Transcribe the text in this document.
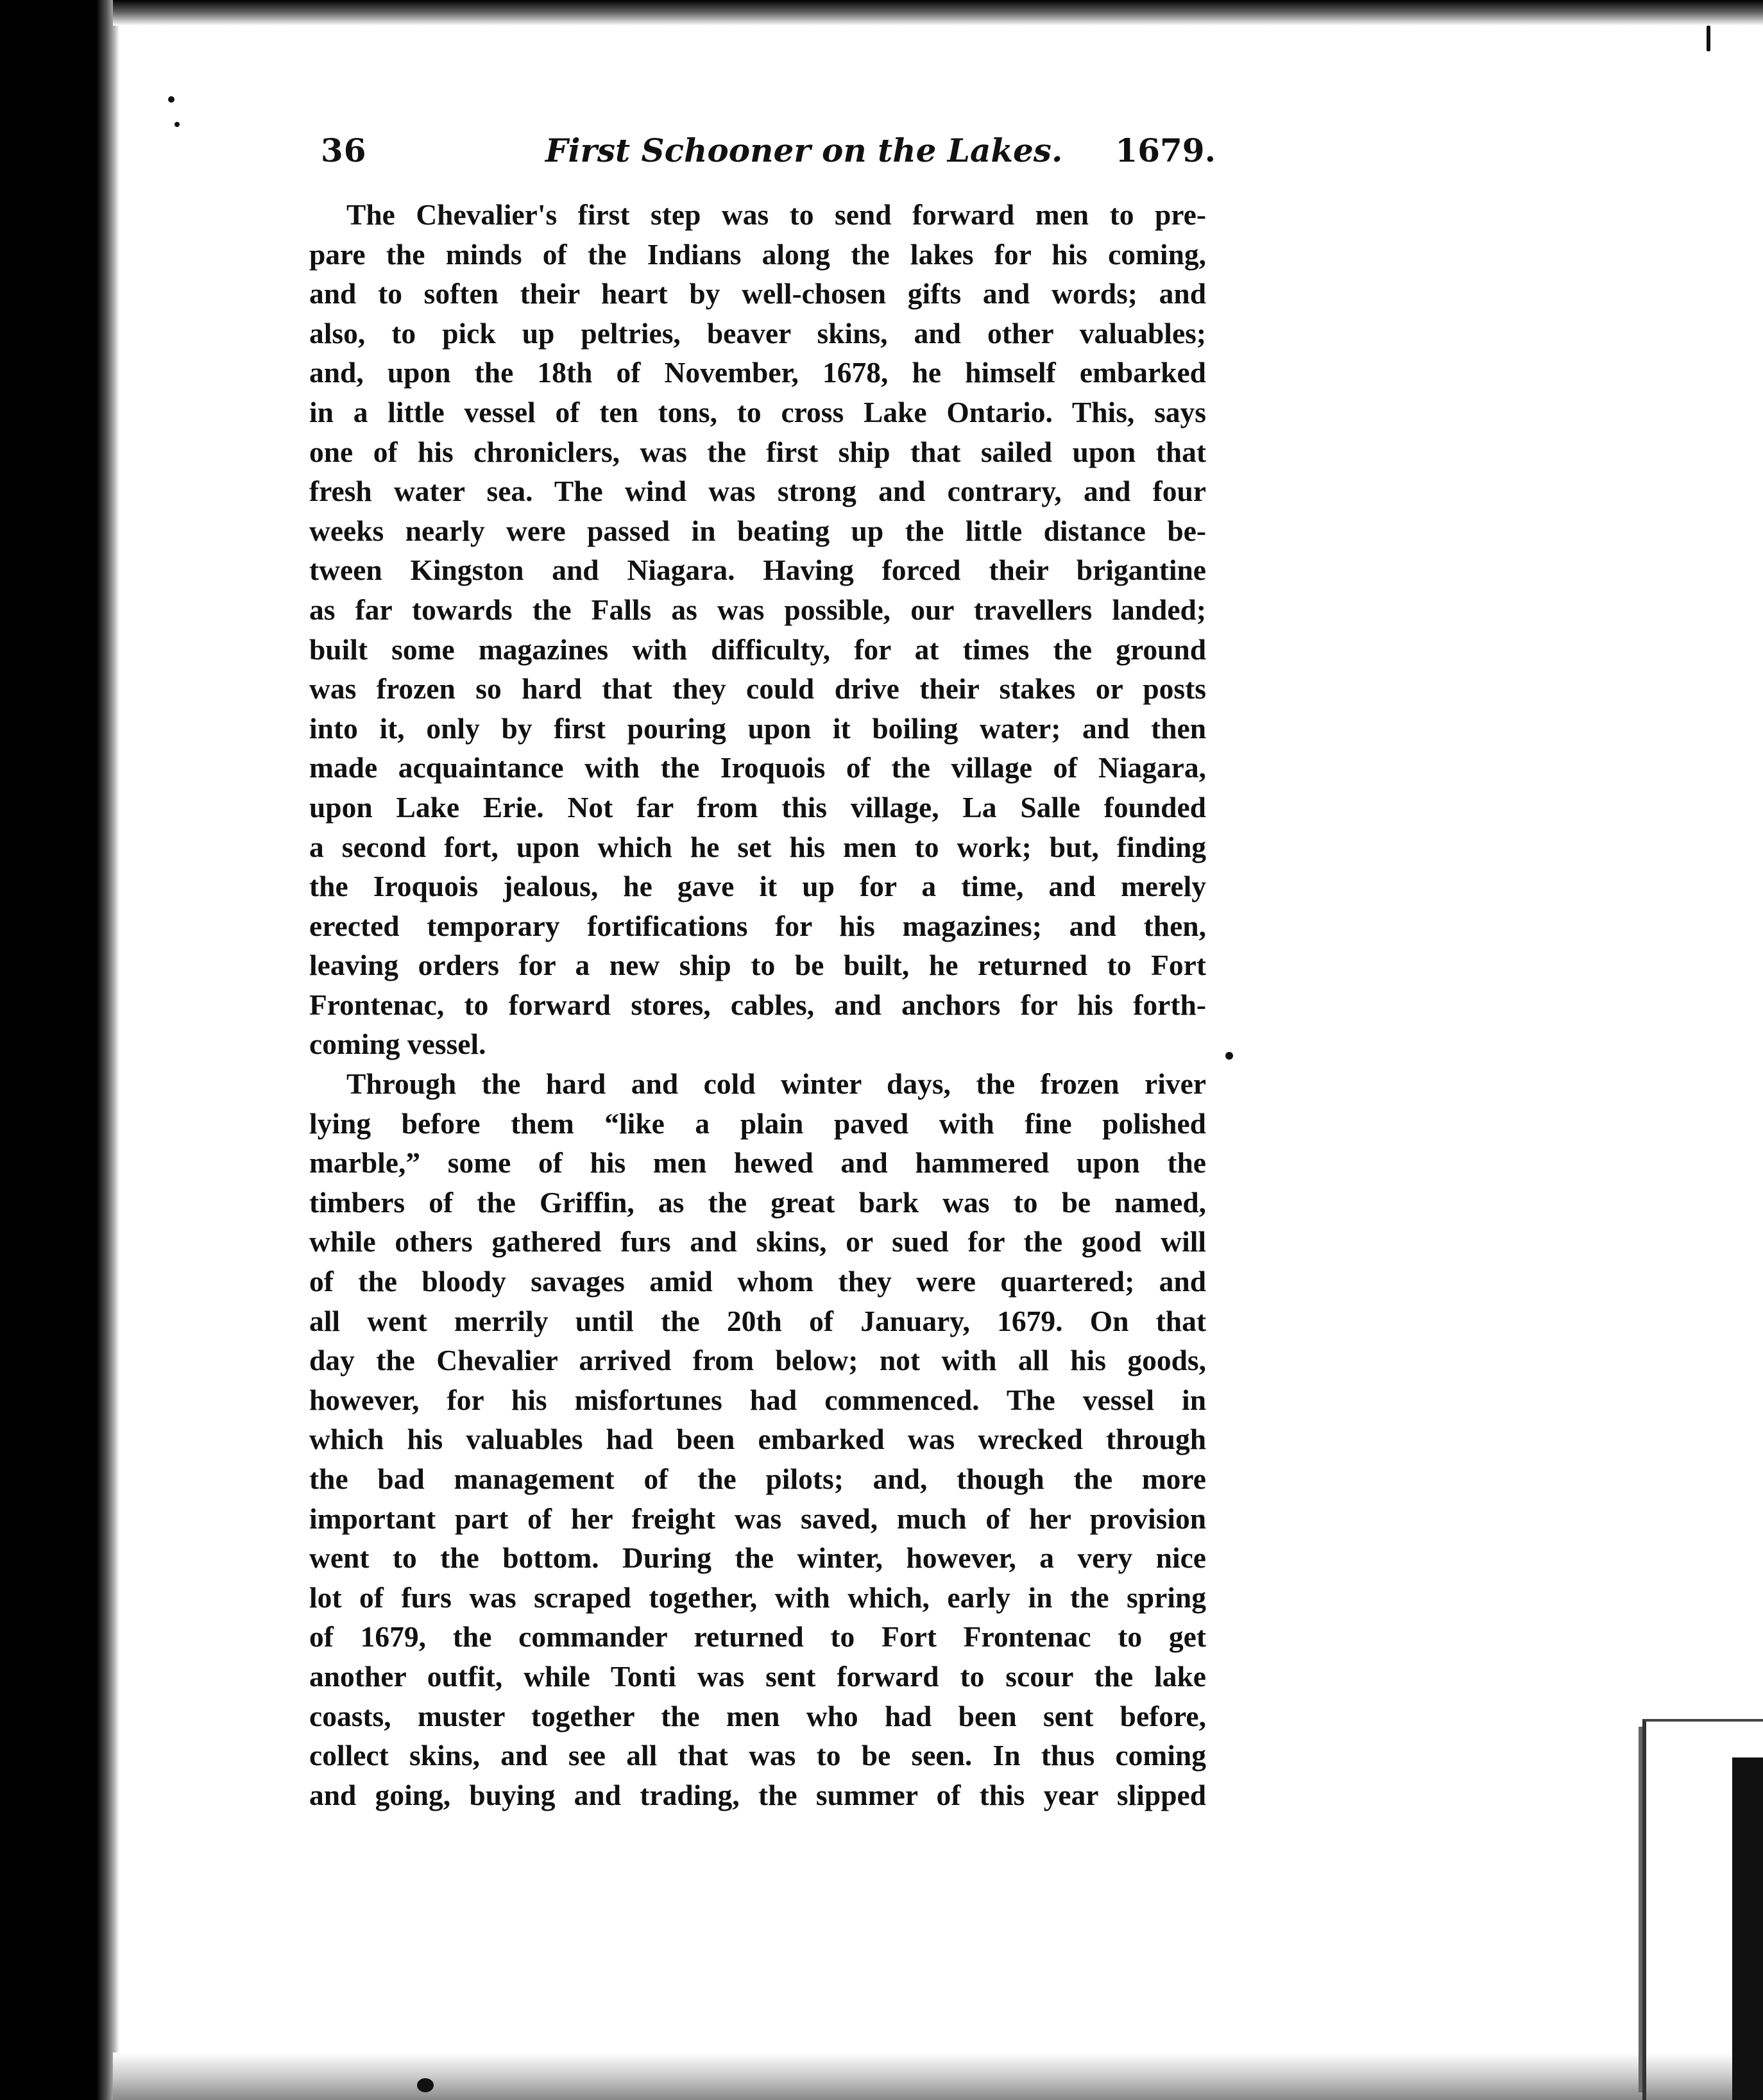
36	First Schooner on the Lakes. 1679.
The Chevalier's first step was to send forward men to pre-
pare the minds of the Indians along the lakes for his coming,
and to soften their heart by well-chosen gifts and words; and
also, to pick up peltries, beaver skins, and other valuables;
and, upon the 18th of November, 1678, he himself embarked
in a little vessel of ten tons, to cross Lake Ontario. This, says
one of his chroniclers, was the first ship that sailed upon that
fresh water sea. The wind was strong and contrary, and four
weeks nearly were passed in beating up the little distance be-
tween Kingston and Niagara. Having forced their brigantine
as far towards the Falls as was possible, our travellers landed;
built some magazines with difficulty, for at times the ground
was frozen so hard that they could drive their stakes or posts
into it, only by first pouring upon it boiling water; and then
made acquaintance with the Iroquois of the village of Niagara,
upon Lake Erie. Not far from this village, La Salle founded
a second fort, upon which he set his men to work; but, finding
the Iroquois jealous, he gave it up for a time, and merely
erected temporary fortifications for his magazines; and then,
leaving orders for a new ship to be built, he returned to Fort
Frontenac, to forward stores, cables, and anchors for his forth-
coming vessel.
Through the hard and cold winter days, the frozen river
lying before them “like a plain paved with fine polished
marble,” some of his men hewed and hammered upon the
timbers of the Griffin, as the great bark was to be named,
while others gathered furs and skins, or sued for the good will
of the bloody savages amid whom they were quartered; and
all went merrily until the 20th of January, 1679. On that
day the Chevalier arrived from below; not with all his goods,
however, for his misfortunes had commenced. The vessel in
which his valuables had been embarked was wrecked through
the bad management of the pilots; and, though the more
important part of her freight was saved, much of her provision
went to the bottom. During the winter, however, a very nice
lot of furs was scraped together, with which, early in the spring
of 1679, the commander returned to Fort Frontenac to get
another outfit, while Tonti was sent forward to scour the lake
coasts, muster together the men who had been sent before,
collect skins, and see all that was to be seen. In thus coming
and going, buying and trading, the summer of this year slipped
